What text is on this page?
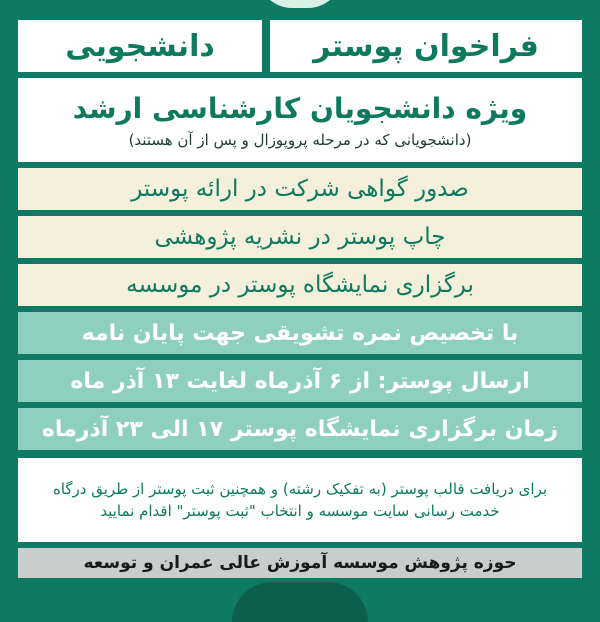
فراخوان پوستر
دانشجویی
ویژه دانشجویان کارشناسی ارشد
(دانشجویانی که در مرحله پروپوزال و پس از آن هستند)
صدور گواهی شرکت در ارائه پوستر
چاپ پوستر در نشریه پژوهشی
برگزاری نمایشگاه پوستر در موسسه
با تخصیص نمره تشویقی جهت پایان نامه
ارسال پوستر: از ۶ آذرماه لغایت ۱۳ آذر ماه
زمان برگزاری نمایشگاه پوستر ۱۷ الی ۲۳ آذرماه
برای دریافت قالب پوستر (به تفکیک رشته) و همچنین ثبت پوستر از طریق درگاه
خدمت رسانی سایت موسسه و انتخاب "ثبت پوستر" اقدام نمایید
حوزه پژوهش موسسه آموزش عالی عمران و توسعه
